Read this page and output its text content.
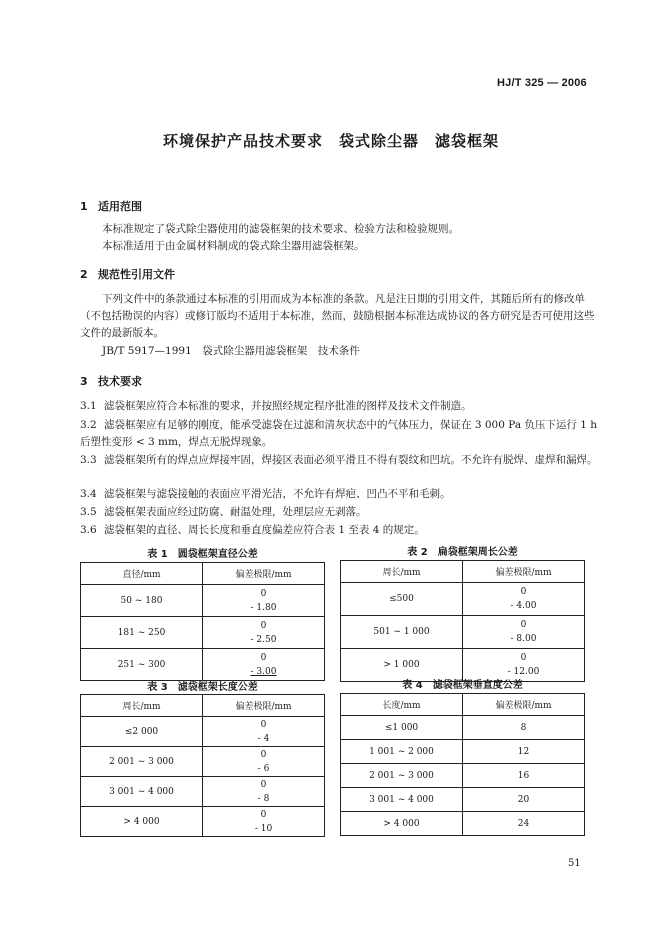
HJ/T 325 — 2006
环境保护产品技术要求　袋式除尘器　滤袋框架
1 适用范围
本标准规定了袋式除尘器使用的滤袋框架的技术要求、检验方法和检验规则。
本标准适用于由金属材料制成的袋式除尘器用滤袋框架。
2 规范性引用文件
下列文件中的条款通过本标准的引用而成为本标准的条款。凡是注日期的引用文件，其随后所有的修改单（不包括勘误的内容）或修订版均不适用于本标准，然而，鼓励根据本标准达成协议的各方研究是否可使用这些文件的最新版本。
JB/T 5917—1991　袋式除尘器用滤袋框架　技术条件
3 技术要求
3.1 滤袋框架应符合本标准的要求，并按照经规定程序批准的图样及技术文件制造。
3.2 滤袋框架应有足够的刚度，能承受滤袋在过滤和清灰状态中的气体压力，保证在 3 000 Pa 负压下运行 1 h 后塑性变形 < 3 mm，焊点无脱焊现象。
3.3 滤袋框架所有的焊点应焊接牢固，焊接区表面必须平滑且不得有裂纹和凹坑。不允许有脱焊、虚焊和漏焊。
3.4 滤袋框架与滤袋接触的表面应平滑光洁，不允许有焊疤、凹凸不平和毛刺。
3.5 滤袋框架表面应经过防腐、耐温处理，处理层应无剥落。
3.6 滤袋框架的直径、周长长度和垂直度偏差应符合表 1 至表 4 的规定。
表 1　圆袋框架直径公差
直径/mm	偏差极限/mm
50 ~ 180	0
- 1.80

181 ~ 250	0
- 2.50

251 ~ 300	0
- 3.00
表 2　扁袋框架周长公差
周长/mm	偏差极限/mm
≤500	0
- 4.00

501 ~ 1 000	0
- 8.00

> 1 000	0
- 12.00
表 3　滤袋框架长度公差
周长/mm	偏差极限/mm
≤2 000	0
- 4

2 001 ~ 3 000	0
- 6

3 001 ~ 4 000	0
- 8

> 4 000	0
- 10
表 4　滤袋框架垂直度公差
长度/mm	偏差极限/mm
≤1 000	8
1 001 ~ 2 000	12
2 001 ~ 3 000	16
3 001 ~ 4 000	20
> 4 000	24
51
